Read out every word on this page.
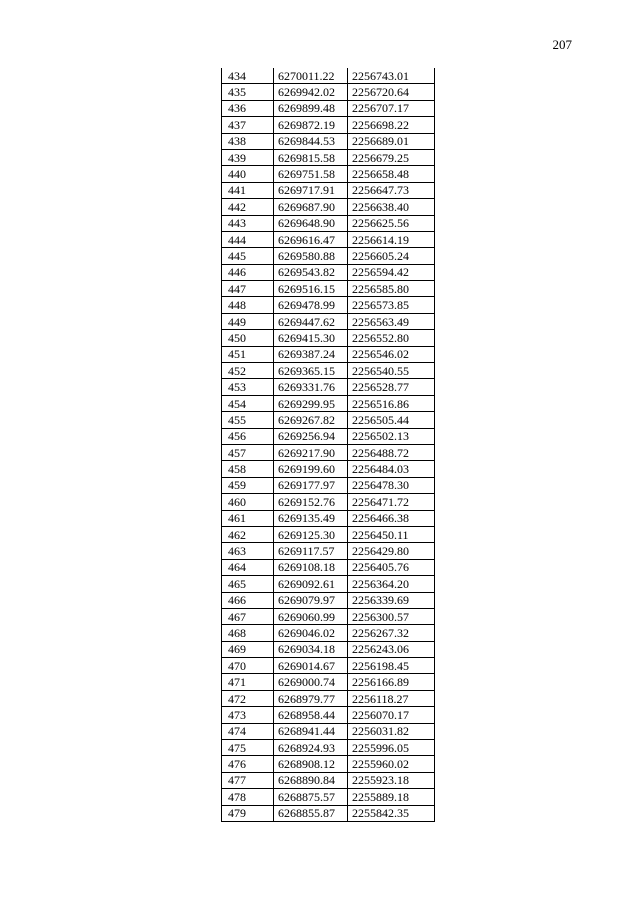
207
434	6270011.22	2256743.01
435	6269942.02	2256720.64
436	6269899.48	2256707.17
437	6269872.19	2256698.22
438	6269844.53	2256689.01
439	6269815.58	2256679.25
440	6269751.58	2256658.48
441	6269717.91	2256647.73
442	6269687.90	2256638.40
443	6269648.90	2256625.56
444	6269616.47	2256614.19
445	6269580.88	2256605.24
446	6269543.82	2256594.42
447	6269516.15	2256585.80
448	6269478.99	2256573.85
449	6269447.62	2256563.49
450	6269415.30	2256552.80
451	6269387.24	2256546.02
452	6269365.15	2256540.55
453	6269331.76	2256528.77
454	6269299.95	2256516.86
455	6269267.82	2256505.44
456	6269256.94	2256502.13
457	6269217.90	2256488.72
458	6269199.60	2256484.03
459	6269177.97	2256478.30
460	6269152.76	2256471.72
461	6269135.49	2256466.38
462	6269125.30	2256450.11
463	6269117.57	2256429.80
464	6269108.18	2256405.76
465	6269092.61	2256364.20
466	6269079.97	2256339.69
467	6269060.99	2256300.57
468	6269046.02	2256267.32
469	6269034.18	2256243.06
470	6269014.67	2256198.45
471	6269000.74	2256166.89
472	6268979.77	2256118.27
473	6268958.44	2256070.17
474	6268941.44	2256031.82
475	6268924.93	2255996.05
476	6268908.12	2255960.02
477	6268890.84	2255923.18
478	6268875.57	2255889.18
479	6268855.87	2255842.35
